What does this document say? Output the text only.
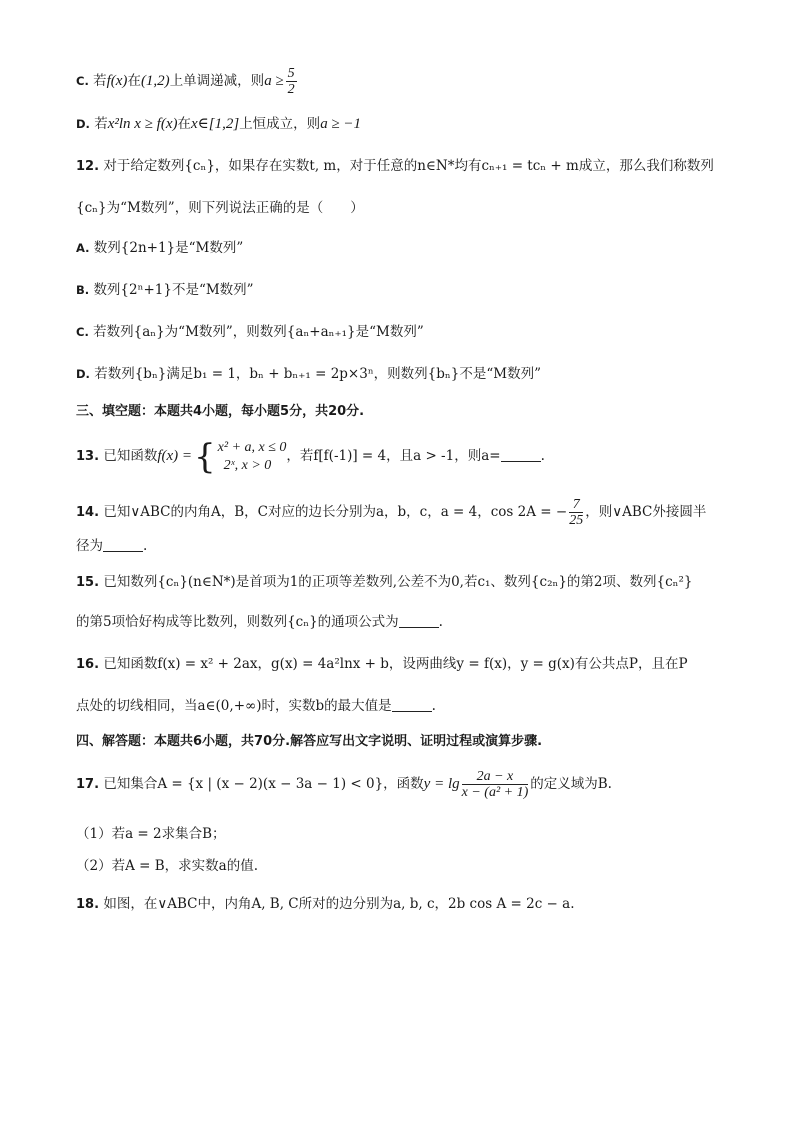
C. 若f(x)在(1,2)上单调递减，则$a \ge \frac{5}{2}$
D. 若x²ln x ≥ f(x)在x∈[1,2]上恒成立，则a ≥ −1
12. 对于给定数列{cₙ}，如果存在实数t, m，对于任意的n∈N*均有cₙ₊₁ = tcₙ + m成立，那么我们称数列
{cₙ}为“M数列”，则下列说法正确的是（　　）
A. 数列{2n+1}是“M数列”
B. 数列{2ⁿ+1}不是“M数列”
C. 若数列{aₙ}为“M数列”，则数列{aₙ+aₙ₊₁}是“M数列”
D. 若数列{bₙ}满足b₁ = 1，bₙ + bₙ₊₁ = 2p×3ⁿ，则数列{bₙ}不是“M数列”
三、填空题：本题共4小题，每小题5分，共20分.
13. 已知函数f(x) ={ x² + a, x ≤ 0
2ˣ, x > 0
，若f[f(-1)] = 4，且a > -1，则a=	.
14. 已知∨ABC的内角A，B，C对应的边长分别为a，b，c，a = 4，cos 2A = − $\frac{7}{25}$ ，则∨ABC外接圆半
径为	.
15. 已知数列{cₙ}(n∈N*)是首项为1的正项等差数列,公差不为0,若c₁、数列{c₂ₙ}的第2项、数列{cₙ²}
的第5项恰好构成等比数列，则数列{cₙ}的通项公式为	.
16. 已知函数f(x) = x² + 2ax，g(x) = 4a²lnx + b，设两曲线y = f(x)，y = g(x)有公共点P，且在P
点处的切线相同，当a∈(0,+∞)时，实数b的最大值是	.
四、解答题：本题共6小题，共70分.解答应写出文字说明、证明过程或演算步骤.
17. 已知集合A = {x | (x − 2)(x − 3a − 1) < 0}，函数$y = \lg \frac{2a - x}{\text{x − (a² + 1)}}$ 的定义域为B.
（1）若a = 2求集合B；
（2）若A = B，求实数a的值.
18. 如图，在∨ABC中，内角A, B, C所对的边分别为a, b, c，2b cos A = 2c − a.
